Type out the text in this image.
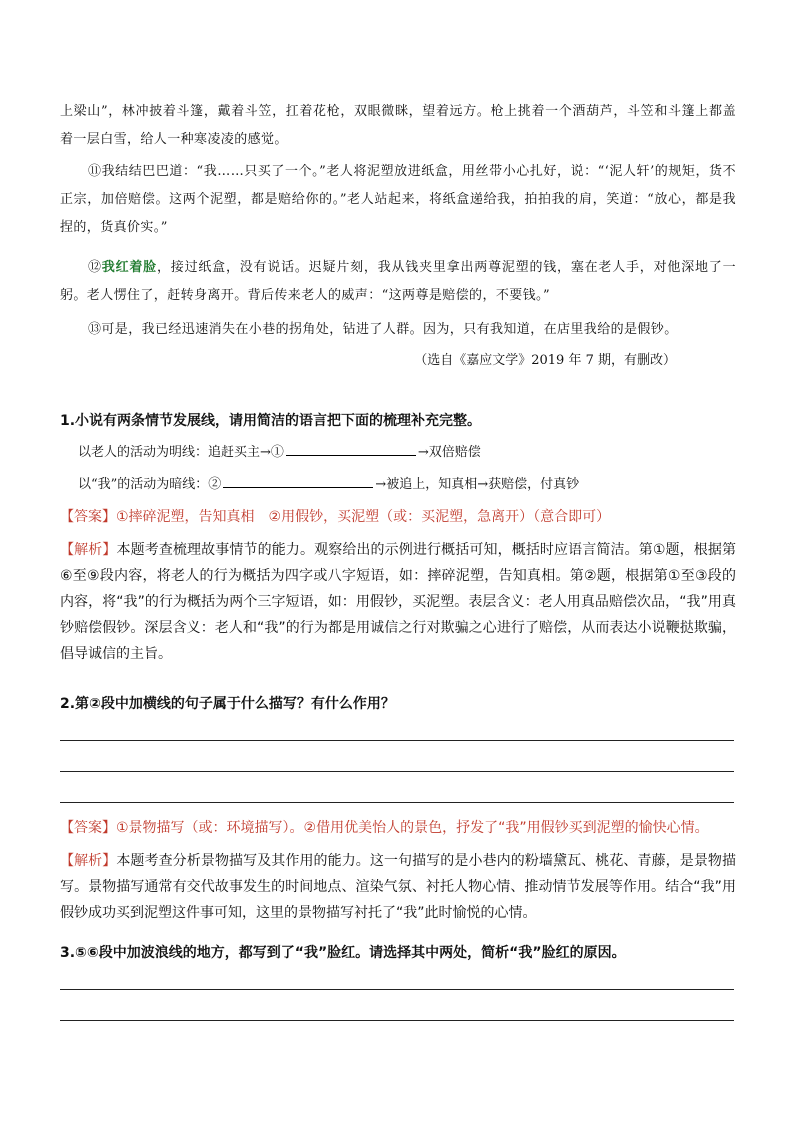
上梁山”，林冲披着斗篷，戴着斗笠，扛着花枪，双眼微眯，望着远方。枪上挑着一个酒葫芦，斗笠和斗篷上都盖着一层白雪，给人一种寒凌凌的感觉。

⑪我结结巴巴道：“我……只买了一个。”老人将泥塑放进纸盒，用丝带小心扎好，说：“‘泥人轩’的规矩，货不正宗，加倍赔偿。这两个泥塑，都是赔给你的。”老人站起来，将纸盒递给我，拍拍我的肩，笑道：“放心，都是我捏的，货真价实。”

⑫我红着脸，接过纸盒，没有说话。迟疑片刻，我从钱夹里拿出两尊泥塑的钱，塞在老人手，对他深地了一躬。老人愣住了，赶转身离开。背后传来老人的威声：“这两尊是赔偿的，不要钱。”

⑬可是，我已经迅速消失在小巷的拐角处，钻进了人群。因为，只有我知道，在店里我给的是假钞。

（选自《嘉应文学》2019 年 7 期，有删改）
1.小说有两条情节发展线，请用简洁的语言把下面的梳理补充完整。
以老人的活动为明线：追赶买主→①	→双倍赔偿
以“我”的活动为暗线：②	→被追上，知真相→获赔偿，付真钞
【答案】①摔碎泥塑，告知真相　②用假钞，买泥塑（或：买泥塑，急离开）（意合即可）
【解析】本题考查梳理故事情节的能力。观察给出的示例进行概括可知，概括时应语言简洁。第①题，根据第⑥至⑨段内容，将老人的行为概括为四字或八字短语，如：摔碎泥塑，告知真相。第②题，根据第①至③段的内容，将“我”的行为概括为两个三字短语，如：用假钞，买泥塑。表层含义：老人用真品赔偿次品，“我”用真钞赔偿假钞。深层含义：老人和“我”的行为都是用诚信之行对欺骗之心进行了赔偿，从而表达小说鞭挞欺骗，倡导诚信的主旨。
2.第②段中加横线的句子属于什么描写？有什么作用？
【答案】①景物描写（或：环境描写）。②借用优美怡人的景色，抒发了“我”用假钞买到泥塑的愉快心情。
【解析】本题考查分析景物描写及其作用的能力。这一句描写的是小巷内的粉墙黛瓦、桃花、青藤，是景物描写。景物描写通常有交代故事发生的时间地点、渲染气氛、衬托人物心情、推动情节发展等作用。结合“我”用假钞成功买到泥塑这件事可知，这里的景物描写衬托了“我”此时愉悦的心情。
3.⑤⑥段中加波浪线的地方，都写到了“我”脸红。请选择其中两处，简析“我”脸红的原因。
